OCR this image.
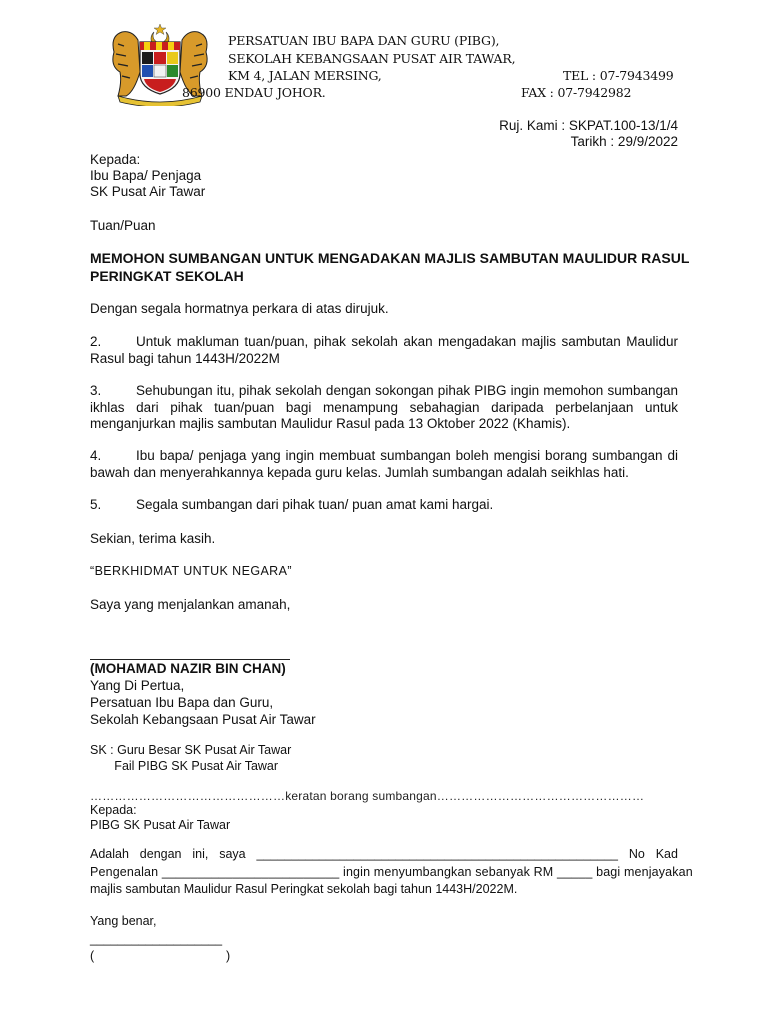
PERSATUAN IBU BAPA DAN GURU (PIBG),
SEKOLAH KEBANGSAAN PUSAT AIR TAWAR,
KM 4, JALAN MERSING,
86900 ENDAU JOHOR.
TEL : 07-7943499
FAX : 07-7942982
Ruj. Kami : SKPAT.100-13/1/4
Tarikh : 29/9/2022
Kepada:
Ibu Bapa/ Penjaga
SK Pusat Air Tawar
Tuan/Puan
MEMOHON SUMBANGAN UNTUK MENGADAKAN MAJLIS SAMBUTAN MAULIDUR RASUL PERINGKAT SEKOLAH
Dengan segala hormatnya perkara di atas dirujuk.
2.	Untuk makluman tuan/puan, pihak sekolah akan mengadakan majlis sambutan Maulidur Rasul bagi tahun 1443H/2022M
3.	Sehubungan itu, pihak sekolah dengan sokongan pihak PIBG ingin memohon sumbangan ikhlas dari pihak tuan/puan bagi menampung sebahagian daripada perbelanjaan untuk menganjurkan majlis sambutan Maulidur Rasul pada 13 Oktober 2022 (Khamis).
4.	Ibu bapa/ penjaga yang ingin membuat sumbangan boleh mengisi borang sumbangan di bawah dan menyerahkannya kepada guru kelas. Jumlah sumbangan adalah seikhlas hati.
5.	Segala sumbangan dari pihak tuan/ puan amat kami hargai.
Sekian, terima kasih.
“BERKHIDMAT UNTUK NEGARA”
Saya yang menjalankan amanah,
(MOHAMAD NAZIR BIN CHAN)
Yang Di Pertua,
Persatuan Ibu Bapa dan Guru,
Sekolah Kebangsaan Pusat Air Tawar
SK : Guru Besar SK Pusat Air Tawar
Fail PIBG SK Pusat Air Tawar
…………………………………………keratan borang sumbangan……………………………………………
Kepada:
PIBG SK Pusat Air Tawar
Adalah dengan ini, saya ____________________________________________________ No Kad
Pengenalan _________________________ ingin menyumbangkan sebanyak RM _____ bagi menjayakan
majlis sambutan Maulidur Rasul Peringkat sekolah bagi tahun 1443H/2022M.
Yang benar,
___________________
(	)
